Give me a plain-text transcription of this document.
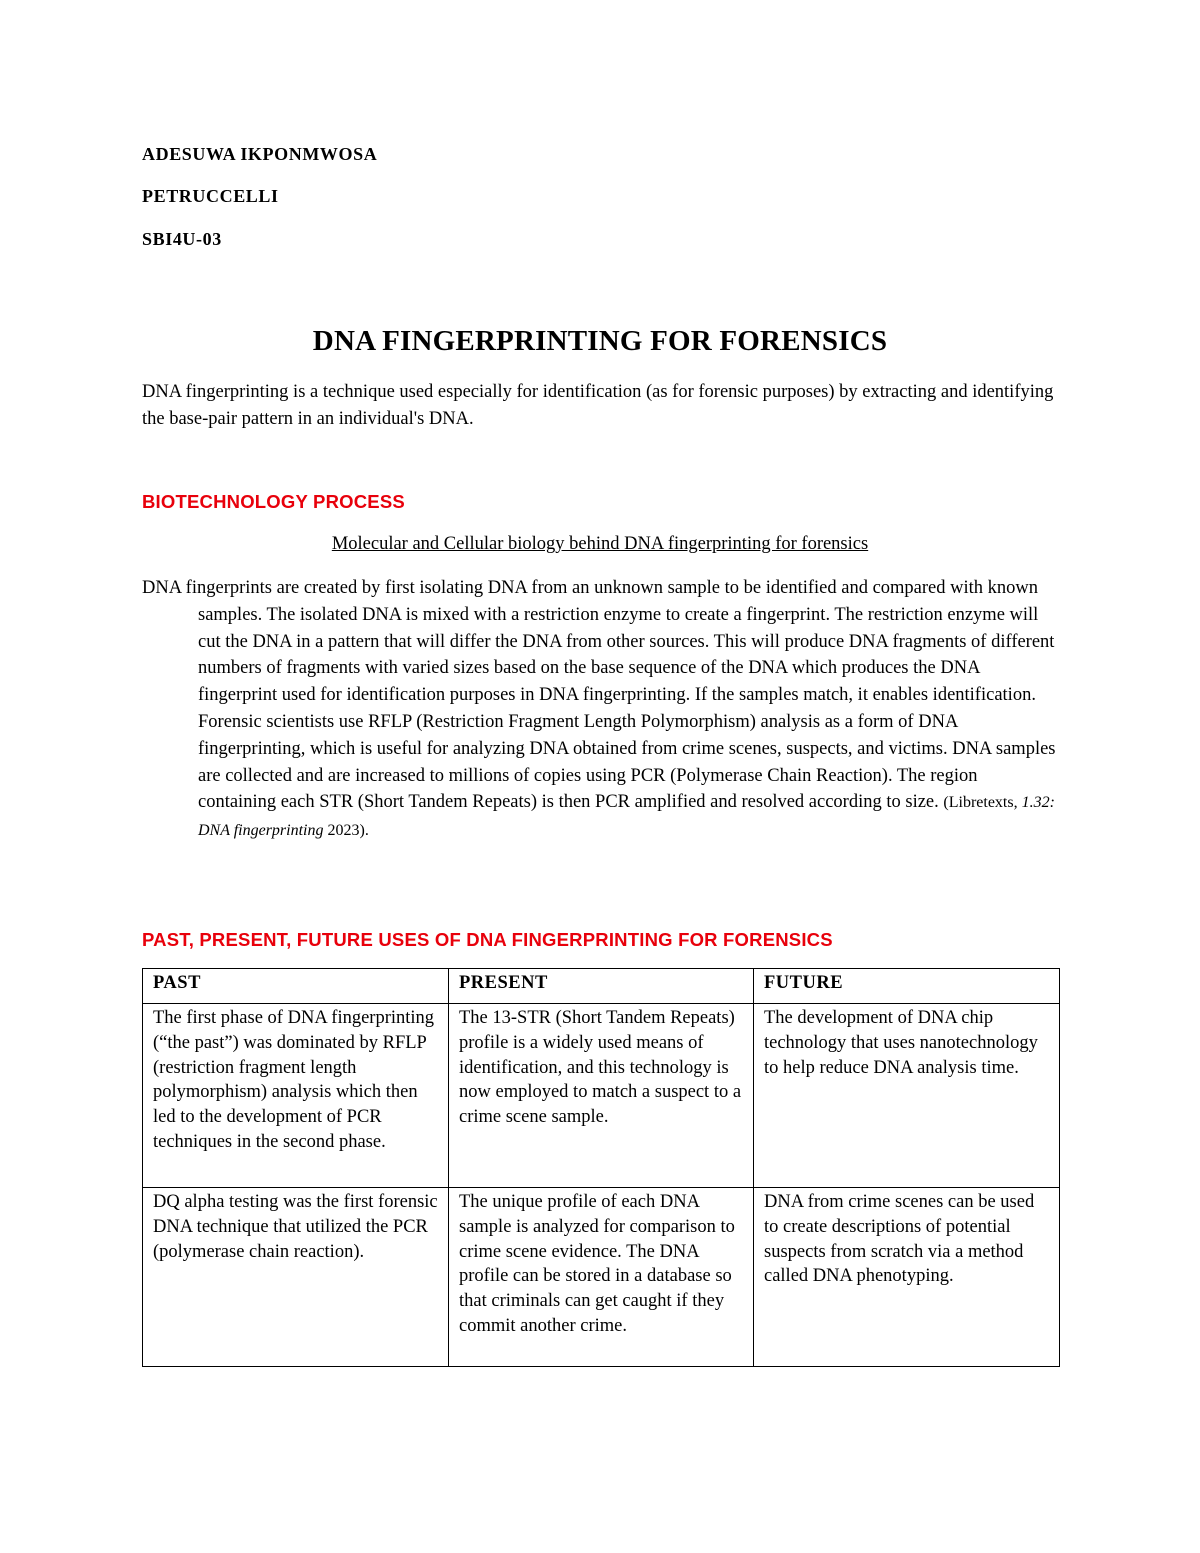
ADESUWA IKPONMWOSA

PETRUCCELLI

SBI4U-03

DNA FINGERPRINTING FOR FORENSICS

DNA fingerprinting is a technique used especially for identification (as for forensic purposes) by extracting and identifying the base-pair pattern in an individual's DNA.

BIOTECHNOLOGY PROCESS

Molecular and Cellular biology behind DNA fingerprinting for forensics

DNA fingerprints are created by first isolating DNA from an unknown sample to be identified and compared with known samples. The isolated DNA is mixed with a restriction enzyme to create a fingerprint. The restriction enzyme will cut the DNA in a pattern that will differ the DNA from other sources. This will produce DNA fragments of different numbers of fragments with varied sizes based on the base sequence of the DNA which produces the DNA fingerprint used for identification purposes in DNA fingerprinting. If the samples match, it enables identification. Forensic scientists use RFLP (Restriction Fragment Length Polymorphism) analysis as a form of DNA fingerprinting, which is useful for analyzing DNA obtained from crime scenes, suspects, and victims. DNA samples are collected and are increased to millions of copies using PCR (Polymerase Chain Reaction). The region containing each STR (Short Tandem Repeats) is then PCR amplified and resolved according to size. (Libretexts, 1.32: DNA fingerprinting 2023).

PAST, PRESENT, FUTURE USES OF DNA FINGERPRINTING FOR FORENSICS
PAST	PRESENT	FUTURE
The first phase of DNA fingerprinting (“the past”) was dominated by RFLP (restriction fragment length polymorphism) analysis which then led to the development of PCR techniques in the second phase.	The 13-STR (Short Tandem Repeats) profile is a widely used means of identification, and this technology is now employed to match a suspect to a crime scene sample.	The development of DNA chip technology that uses nanotechnology to help reduce DNA analysis time.
DQ alpha testing was the first forensic DNA technique that utilized the PCR (polymerase chain reaction).	The unique profile of each DNA sample is analyzed for comparison to crime scene evidence. The DNA profile can be stored in a database so that criminals can get caught if they commit another crime.	DNA from crime scenes can be used to create descriptions of potential suspects from scratch via a method called DNA phenotyping.
